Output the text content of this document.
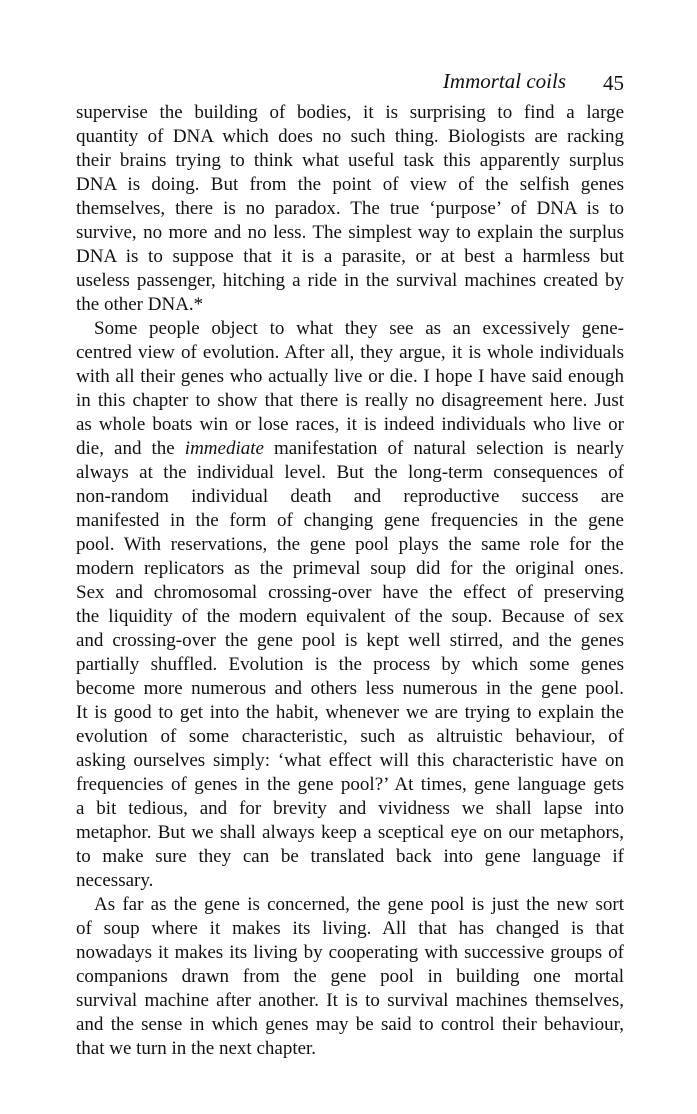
Immortal coils 45
supervise the building of bodies, it is surprising to find a large
quantity of DNA which does no such thing. Biologists are racking
their brains trying to think what useful task this apparently surplus
DNA is doing. But from the point of view of the selfish genes
themselves, there is no paradox. The true ‘purpose’ of DNA is to
survive, no more and no less. The simplest way to explain the surplus
DNA is to suppose that it is a parasite, or at best a harmless but
useless passenger, hitching a ride in the survival machines created by
the other DNA.*
Some people object to what they see as an excessively gene-
centred view of evolution. After all, they argue, it is whole individuals
with all their genes who actually live or die. I hope I have said enough
in this chapter to show that there is really no disagreement here. Just
as whole boats win or lose races, it is indeed individuals who live or
die, and the immediate manifestation of natural selection is nearly
always at the individual level. But the long-term consequences of
non-random individual death and reproductive success are
manifested in the form of changing gene frequencies in the gene
pool. With reservations, the gene pool plays the same role for the
modern replicators as the primeval soup did for the original ones.
Sex and chromosomal crossing-over have the effect of preserving
the liquidity of the modern equivalent of the soup. Because of sex
and crossing-over the gene pool is kept well stirred, and the genes
partially shuffled. Evolution is the process by which some genes
become more numerous and others less numerous in the gene pool.
It is good to get into the habit, whenever we are trying to explain the
evolution of some characteristic, such as altruistic behaviour, of
asking ourselves simply: ‘what effect will this characteristic have on
frequencies of genes in the gene pool?’ At times, gene language gets
a bit tedious, and for brevity and vividness we shall lapse into
metaphor. But we shall always keep a sceptical eye on our metaphors,
to make sure they can be translated back into gene language if
necessary.
As far as the gene is concerned, the gene pool is just the new sort
of soup where it makes its living. All that has changed is that
nowadays it makes its living by cooperating with successive groups of
companions drawn from the gene pool in building one mortal
survival machine after another. It is to survival machines themselves,
and the sense in which genes may be said to control their behaviour,
that we turn in the next chapter.
